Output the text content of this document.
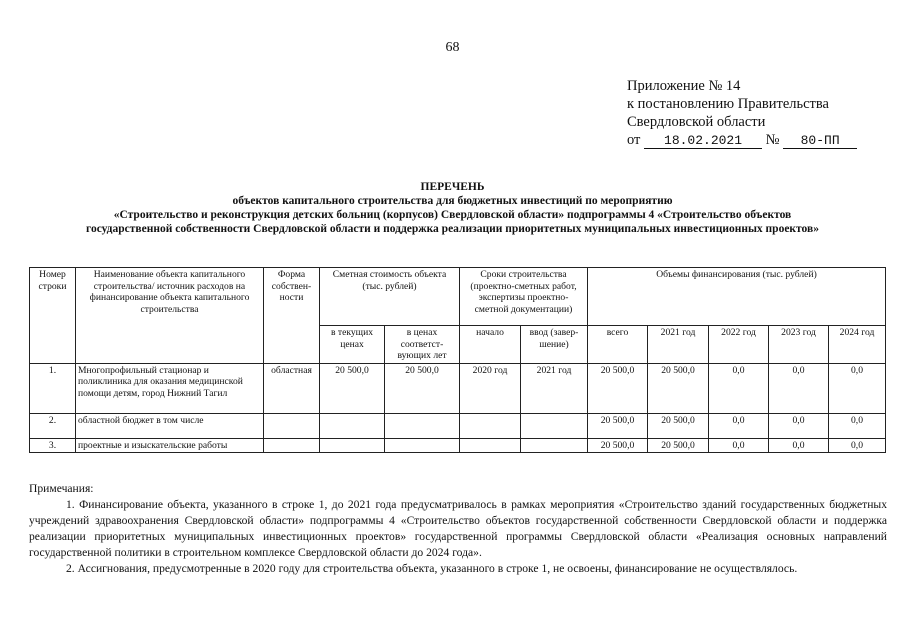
68
Приложение № 14
к постановлению Правительства
Свердловской области
от 18.02.2021 № 80-ПП
ПЕРЕЧЕНЬ
объектов капитального строительства для бюджетных инвестиций по мероприятию
«Строительство и реконструкция детских больниц (корпусов) Свердловской области» подпрограммы 4 «Строительство объектов
государственной собственности Свердловской области и поддержка реализации приоритетных муниципальных инвестиционных проектов»
Номер строки	Наименование объекта капитального строительства/ источник расходов на финансирование объекта капитального строительства	Форма собствен-ности	Сметная стоимость объекта (тыс. рублей)		Сроки строительства (проектно-сметных работ, экспертизы проектно-сметной документации)		Объемы финансирования (тыс. рублей)				
			в текущих ценах	в ценах соответст-вующих лет	начало	ввод (завер-шение)	всего	2021 год	2022 год	2023 год	2024 год
1.	Многопрофильный стационар и поликлиника для оказания медицинской помощи детям, город Нижний Тагил	областная	20 500,0	20 500,0	2020 год	2021 год	20 500,0	20 500,0	0,0	0,0	0,0
2.	областной бюджет в том числе						20 500,0	20 500,0	0,0	0,0	0,0
3.	проектные и изыскательские работы						20 500,0	20 500,0	0,0	0,0	0,0

Примечания:

1. Финансирование объекта, указанного в строке 1, до 2021 года предусматривалось в рамках мероприятия «Строительство зданий государственных бюджетных учреждений здравоохранения Свердловской области» подпрограммы 4 «Строительство объектов государственной собственности Свердловской области и поддержка реализации приоритетных муниципальных инвестиционных проектов» государственной программы Свердловской области «Реализация основных направлений государственной политики в строительном комплексе Свердловской области до 2024 года».

2. Ассигнования, предусмотренные в 2020 году для строительства объекта, указанного в строке 1, не освоены, финансирование не осуществлялось.
